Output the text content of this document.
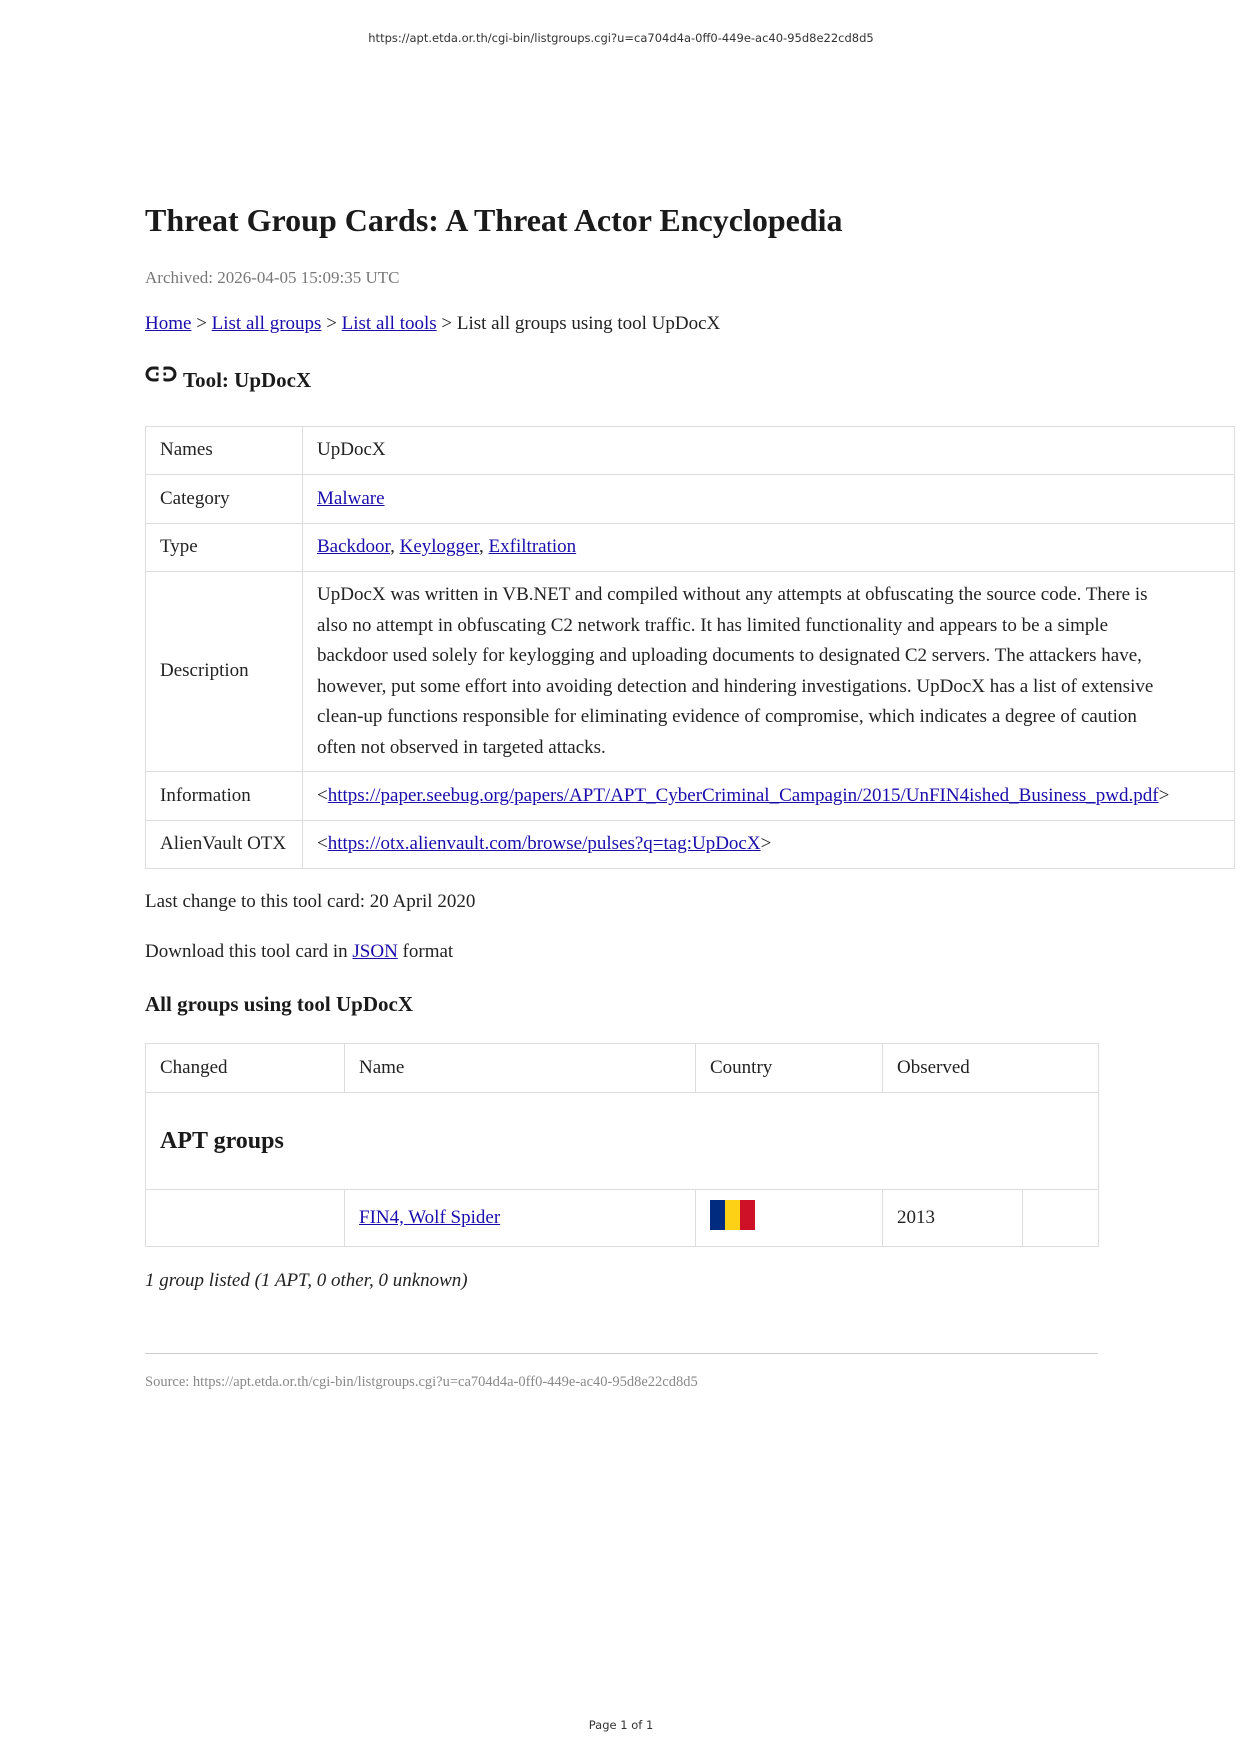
https://apt.etda.or.th/cgi-bin/listgroups.cgi?u=ca704d4a-0ff0-449e-ac40-95d8e22cd8d5
Threat Group Cards: A Threat Actor Encyclopedia
Archived: 2026-04-05 15:09:35 UTC
Home > List all groups > List all tools > List all groups using tool UpDocX
Tool: UpDocX
Names	UpDocX
Category	Malware
Type	Backdoor, Keylogger, Exfiltration
Description	UpDocX was written in VB.NET and compiled without any attempts at obfuscating the source code. There is also no attempt in obfuscating C2 network traffic. It has limited functionality and appears to be a simple backdoor used solely for keylogging and uploading documents to designated C2 servers. The attackers have, however, put some effort into avoiding detection and hindering investigations. UpDocX has a list of extensive clean-up functions responsible for eliminating evidence of compromise, which indicates a degree of caution often not observed in targeted attacks.

Information	<https://paper.seebug.org/papers/APT/APT_CyberCriminal_Campagin/2015/UnFIN4ished_Business_pwd.pdf>
AlienVault OTX	<https://otx.alienvault.com/browse/pulses?q=tag:UpDocX>
Last change to this tool card: 20 April 2020
Download this tool card in JSON format
All groups using tool UpDocX
Changed	Name	Country	Observed	
APT groups				
	FIN4, Wolf Spider		2013	
1 group listed (1 APT, 0 other, 0 unknown)
Source: https://apt.etda.or.th/cgi-bin/listgroups.cgi?u=ca704d4a-0ff0-449e-ac40-95d8e22cd8d5
Page 1 of 1
